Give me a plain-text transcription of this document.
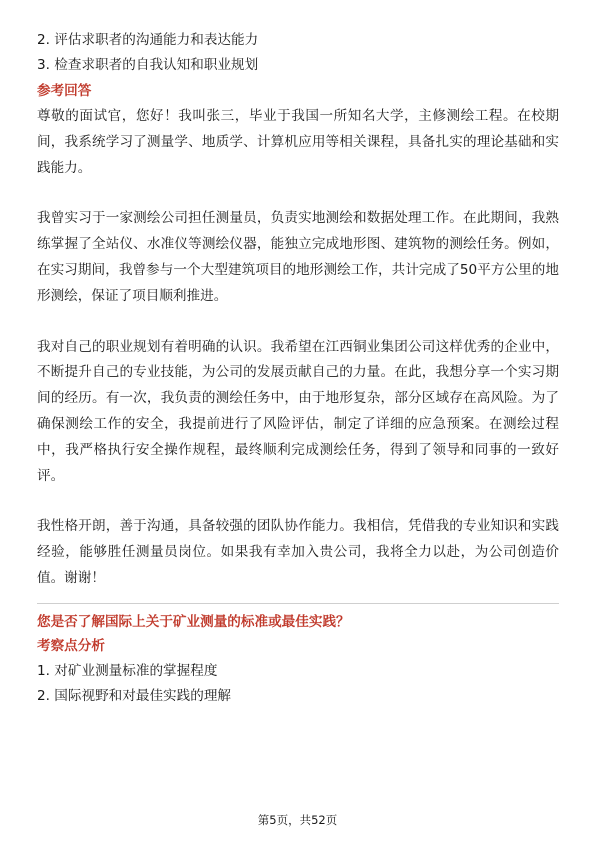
2. 评估求职者的沟通能力和表达能力

3. 检查求职者的自我认知和职业规划

参考回答

尊敬的面试官，您好！我叫张三，毕业于我国一所知名大学，主修测绘工程。在校期间，我系统学习了测量学、地质学、计算机应用等相关课程，具备扎实的理论基础和实践能力。

我曾实习于一家测绘公司担任测量员，负责实地测绘和数据处理工作。在此期间，我熟练掌握了全站仪、水准仪等测绘仪器，能独立完成地形图、建筑物的测绘任务。例如，在实习期间，我曾参与一个大型建筑项目的地形测绘工作，共计完成了50平方公里的地形测绘，保证了项目顺利推进。

我对自己的职业规划有着明确的认识。我希望在江西铜业集团公司这样优秀的企业中，不断提升自己的专业技能，为公司的发展贡献自己的力量。在此，我想分享一个实习期间的经历。有一次，我负责的测绘任务中，由于地形复杂，部分区域存在高风险。为了确保测绘工作的安全，我提前进行了风险评估，制定了详细的应急预案。在测绘过程中，我严格执行安全操作规程，最终顺利完成测绘任务，得到了领导和同事的一致好评。

我性格开朗，善于沟通，具备较强的团队协作能力。我相信，凭借我的专业知识和实践经验，能够胜任测量员岗位。如果我有幸加入贵公司，我将全力以赴，为公司创造价值。谢谢！

您是否了解国际上关于矿业测量的标准或最佳实践？

考察点分析

1. 对矿业测量标准的掌握程度

2. 国际视野和对最佳实践的理解

第5页，共52页
